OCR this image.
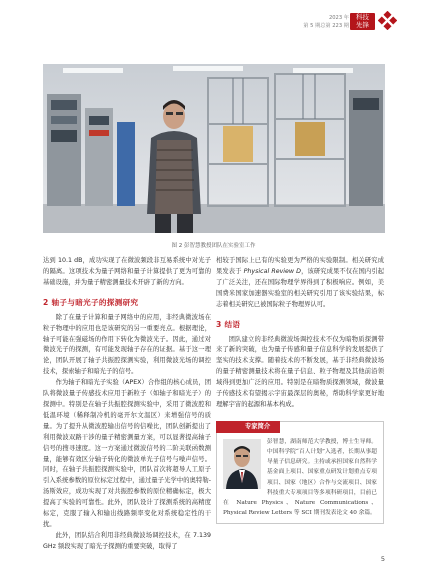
2023 年
第 5 期总第 223 期
科技
先锋
图 2 彭智慧教授团队在实验室工作

达到 10.1 dB，成功实现了在微波频段非互易系统中对光子的隔离。这项技术为量子网络和量子计算提供了更为可靠的基础设施，并为量子精密测量技术开辟了新的方向。

2 轴子与暗光子的探测研究

除了在量子计算和量子网络中的应用，非经典微波场在粒子物理中的应用也是该研究的另一重要亮点。根据理论，轴子可能在强磁场的作用下转化为微波光子。因此，通过对微波光子的探测，有可能发现轴子存在的证据。基于这一理论，团队开展了轴子共振腔探测实验，利用微波光场的调控技术，探索轴子和暗光子的信号。

作为轴子和暗光子实验（APEX）合作组的核心成员，团队将微波量子传感技术应用于新粒子（如轴子和暗光子）的探测中。特别是在轴子共振腔探测实验中，采用了微波腔和低温环境（稀释制冷机的毫开尔文温区）来增强信号的质量。为了提升从微波腔输出信号的信噪比，团队创新提出了利用微波双路干涉的量子精密测量方案，可以显著提高轴子信号的搜寻速度。这一方案通过微波信号的二阶关联函数测量，能够有效区分轴子转化的微波单光子信号与噪声信号。同时，在轴子共振腔探测实验中，团队首次将超导人工原子引入系统参数的原位标定过程中，通过量子光学中的奥特勒-汤斯效应，成功实现了对共振腔参数的原位精确标定，极大提高了实验的可靠性。此外，团队设计了探测系统的高精度标定，克服了输入和输出线路频率变化对系统稳定性的干扰。

此外，团队结合利用非经典微波场调控技术，在 7.139 GHz 频段实现了暗光子探测的重要突破，取得了

相较于国际上已有的实验更为严格的实验限制。相关研究成果发表于 Physical Review D，该研究成果不仅在国内引起了广泛关注，还在国际物理学界得到了积极响应。例如，美国费米国家加速器实验室的相关研究引用了该实验结果，标志着相关研究已被国际粒子物理界认可。

3 结语

团队建立的非经典微波场调控技术不仅为暗物质探测带来了新的突破，也为量子传感和量子信息科学的发展提供了坚实的技术支撑。随着技术的不断发展，基于非经典微波场的量子精密测量技术将在量子信息、粒子物理及其他前沿领域得到更加广泛的应用。特别是在暗物质探测领域，微波量子传感技术有望揭示宇宙最深层的奥秘，帮助科学家更好地理解宇宙的起源和基本构成。

专家简介
彭智慧，湖南师范大学教授，博士生导师。中国科学院“百人计划”入选者，长期从事超导量子信息研究。主持或承担国家自然科学基金面上项目、国家重点研发计划重点专项项目、国家（地区）合作与交流项目、国家科技重大专项项目等多项科研项目，目前已在 Nature Physics、Nature Communications、Physical Review Letters 等 SCI 期刊发表论文 40 余篇。
5
